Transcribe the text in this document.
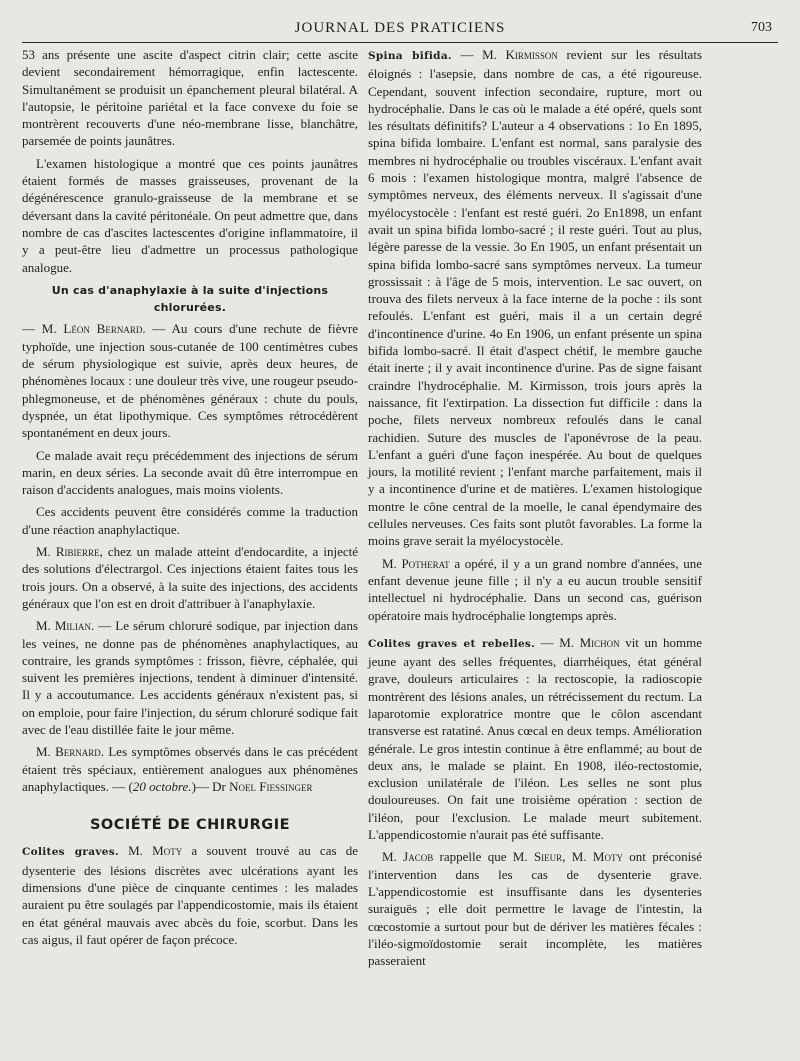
JOURNAL DES PRATICIENS	703

53 ans présente une ascite d'aspect citrin clair; cette ascite devient secondairement hémorragique, enfin lactescente. Simultanément se produisit un épanchement pleural bilatéral. A l'autopsie, le péritoine pariétal et la face convexe du foie se montrèrent recouverts d'une néo-membrane lisse, blanchâtre, parsemée de points jaunâtres.

L'examen histologique a montré que ces points jaunâtres étaient formés de masses graisseuses, provenant de la dégénérescence granulo-graisseuse de la membrane et se déversant dans la cavité péritonéale. On peut admettre que, dans nombre de cas d'ascites lactescentes d'origine inflammatoire, il y a peut-être lieu d'admettre un processus pathologique analogue.

Un cas d'anaphylaxie à la suite d'injections chlorurées.

— M. Léon Bernard. — Au cours d'une rechute de fièvre typhoïde, une injection sous-cutanée de 100 centimètres cubes de sérum physiologique est suivie, après deux heures, de phénomènes locaux : une douleur très vive, une rougeur pseudo-phlegmoneuse, et de phénomènes généraux : chute du pouls, dyspnée, un état lipothymique. Ces symptômes rétrocédèrent spontanément en deux jours.

Ce malade avait reçu précédemment des injections de sérum marin, en deux séries. La seconde avait dû être interrompue en raison d'accidents analogues, mais moins violents.

Ces accidents peuvent être considérés comme la traduction d'une réaction anaphylactique.

M. Ribierre, chez un malade atteint d'endocardite, a injecté des solutions d'électrargol. Ces injections étaient faites tous les trois jours. On a observé, à la suite des injections, des accidents généraux que l'on est en droit d'attribuer à l'anaphylaxie.

M. Milian. — Le sérum chloruré sodique, par injection dans les veines, ne donne pas de phénomènes anaphylactiques, au contraire, les grands symptômes : frisson, fièvre, céphalée, qui suivent les premières injections, tendent à diminuer d'intensité. Il y a accoutumance. Les accidents généraux n'existent pas, si on emploie, pour faire l'injection, du sérum chloruré sodique fait avec de l'eau distillée faite le jour même.

M. Bernard. Les symptômes observés dans le cas précédent étaient très spéciaux, entièrement analogues aux phénomènes anaphylactiques. — (20 octobre.)— Dr Noel Fiessinger

SOCIÉTÉ DE CHIRURGIE

Colites graves. M. Moty a souvent trouvé au cas de dysenterie des lésions discrètes avec ulcérations ayant les dimensions d'une pièce de cinquante centimes : les malades auraient pu être soulagés par l'appendicostomie, mais ils étaient en état général mauvais avec abcès du foie, scorbut. Dans les cas aigus, il faut opérer de façon précoce.

Spina bifida. — M. Kirmisson revient sur les résultats éloignés : l'asepsie, dans nombre de cas, a été rigoureuse. Cependant, souvent infection secondaire, rupture, mort ou hydrocéphalie. Dans le cas où le malade a été opéré, quels sont les résultats définitifs? L'auteur a 4 observations : 1o En 1895, spina bifida lombaire. L'enfant est normal, sans paralysie des membres ni hydrocéphalie ou troubles viscéraux. L'enfant avait 6 mois : l'examen histologique montra, malgré l'absence de symptômes nerveux, des éléments nerveux. Il s'agissait d'une myélocystocèle : l'enfant est resté guéri. 2o En1898, un enfant avait un spina bifida lombo-sacré ; il reste guéri. Tout au plus, légère paresse de la vessie. 3o En 1905, un enfant présentait un spina bifida lombo-sacré sans symptômes nerveux. La tumeur grossissait : à l'âge de 5 mois, intervention. Le sac ouvert, on trouva des filets nerveux à la face interne de la poche : ils sont refoulés. L'enfant est guéri, mais il a un certain degré d'incontinence d'urine. 4o En 1906, un enfant présente un spina bifida lombo-sacré. Il était d'aspect chétif, le membre gauche était inerte ; il y avait incontinence d'urine. Pas de signe faisant craindre l'hydrocéphalie. M. Kirmisson, trois jours après la naissance, fit l'extirpation. La dissection fut difficile : dans la poche, filets nerveux nombreux refoulés dans le canal rachidien. Suture des muscles de l'aponévrose de la peau. L'enfant a guéri d'une façon inespérée. Au bout de quelques jours, la motilité revient ; l'enfant marche parfaitement, mais il y a incontinence d'urine et de matières. L'examen histologique montre le cône central de la moelle, le canal épendymaire des cellules nerveuses. Ces faits sont plutôt favorables. La forme la moins grave serait la myélocystocèle.

M. Potherat a opéré, il y a un grand nombre d'années, une enfant devenue jeune fille ; il n'y a eu aucun trouble sensitif intellectuel ni hydrocéphalie. Dans un second cas, guérison opératoire mais hydrocéphalie longtemps après.

Colites graves et rebelles. — M. Michon vit un homme jeune ayant des selles fréquentes, diarrhéiques, état général grave, douleurs articulaires : la rectoscopie, la radioscopie montrèrent des lésions anales, un rétrécissement du rectum. La laparotomie exploratrice montre que le côlon ascendant transverse est ratatiné. Anus cœcal en deux temps. Amélioration générale. Le gros intestin continue à être enflammé; au bout de deux ans, le malade se plaint. En 1908, iléo-rectostomie, exclusion unilatérale de l'iléon. Les selles ne sont plus douloureuses. On fait une troisième opération : section de l'iléon, pour l'exclusion. Le malade meurt subitement. L'appendicostomie n'aurait pas été suffisante.

M. Jacob rappelle que M. Sieur, M. Moty ont préconisé l'intervention dans les cas de dysenterie grave. L'appendicostomie est insuffisante dans les dysenteries suraiguës ; elle doit permettre le lavage de l'intestin, la cœcostomie a surtout pour but de dériver les matières fécales : l'iléo-sigmoïdostomie serait incomplète, les matières passeraient
